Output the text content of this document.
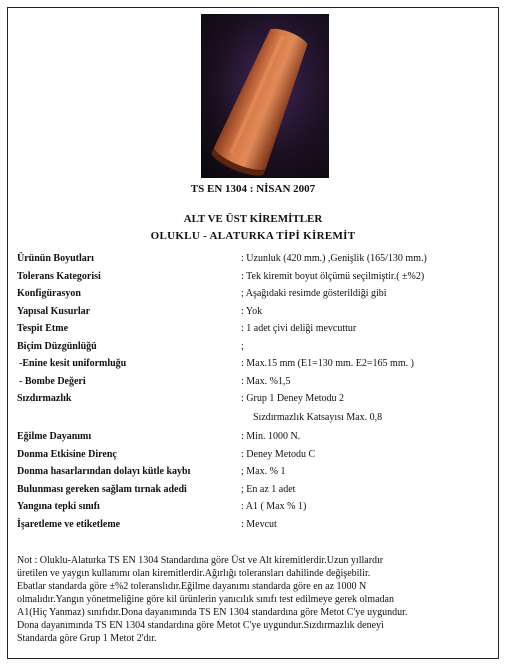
TS EN 1304 : NİSAN 2007

ALT VE ÜST KİREMİTLER

OLUKLU - ALATURKA TİPİ KİREMİT

Ürünün Boyutları	: Uzunluk (420 mm.) ,Genişlik (165/130 mm.)
Tolerans Kategorisi	: Tek kiremit boyut ölçümü seçilmiştir.( ±%2)
Konfigürasyon	; Aşağıdaki resimde gösterildiği gibi
Yapısal Kusurlar	: Yok
Tespit Etme	: 1 adet çivi deliği mevcuttur
Biçim Düzgünlüğü	;
-Enine kesit uniformluğu	: Max.15 mm (E1=130 mm. E2=165 mm. )
- Bombe Değeri	: Max. %1,5
Sızdırmazlık	: Grup 1 Deney Metodu 2
Sızdırmazlık Katsayısı Max. 0,8
Eğilme Dayanımı	: Min. 1000 N.
Donma Etkisine Direnç	: Deney Metodu C
Donma hasarlarından dolayı kütle kaybı	; Max. % 1
Bulunması gereken sağlam tırnak adedi	; En az 1 adet
Yangına tepki sınıfı	: A1 ( Max % 1)
İşaretleme ve etiketleme	: Mevcut

Not : Oluklu-Alaturka TS EN 1304 Standardına göre Üst ve Alt kiremitlerdir.Uzun yıllardır
üretilen ve yaygın kullanımı olan kiremitlerdir.Ağırlığı toleransları dahilinde değişebilir.
Ebatlar standarda göre ±%2 toleranslıdır.Eğilme dayanımı standarda göre en az 1000 N
olmalıdır.Yangın yönetmeliğine göre kil ürünlerin yanıcılık sınıfı test edilmeye gerek olmadan
A1(Hiç Yanmaz) sınıfıdır.Dona dayanımında TS EN 1304 standardına göre Metot C'ye uygundur.
Dona dayanımında TS EN 1304 standardına göre Metot C'ye uygundur.Sızdırmazlık deneyi
Standarda göre Grup 1 Metot 2'dır.
